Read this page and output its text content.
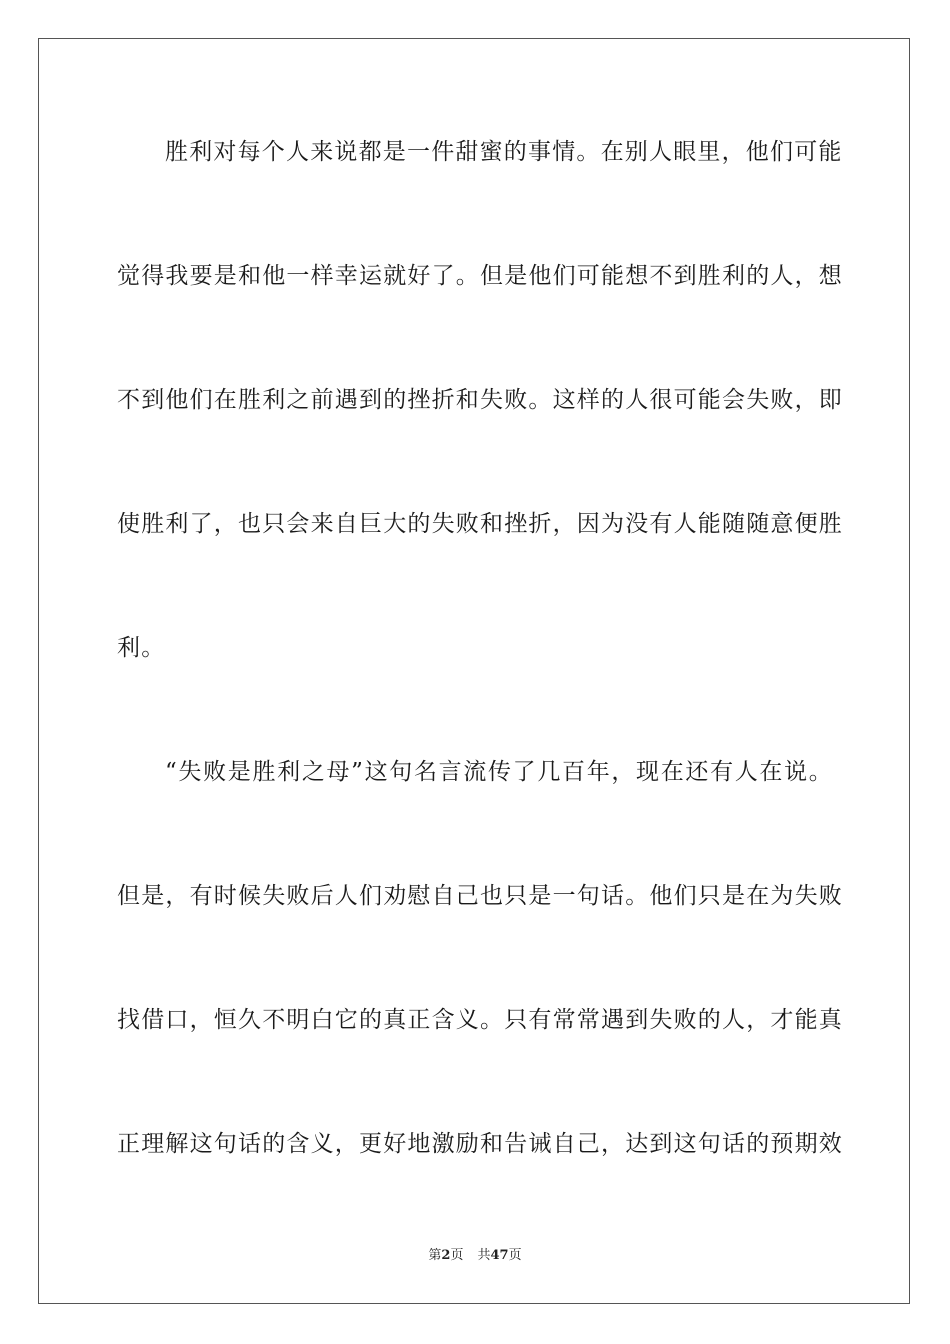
胜利对每个人来说都是一件甜蜜的事情。在别人眼里，他们可能
觉得我要是和他一样幸运就好了。但是他们可能想不到胜利的人，想
不到他们在胜利之前遇到的挫折和失败。这样的人很可能会失败，即
使胜利了，也只会来自巨大的失败和挫折，因为没有人能随随意便胜
利。
“失败是胜利之母”这句名言流传了几百年，现在还有人在说。
但是，有时候失败后人们劝慰自己也只是一句话。他们只是在为失败
找借口，恒久不明白它的真正含义。只有常常遇到失败的人，才能真
正理解这句话的含义，更好地激励和告诫自己，达到这句话的预期效
第2页 共47页
